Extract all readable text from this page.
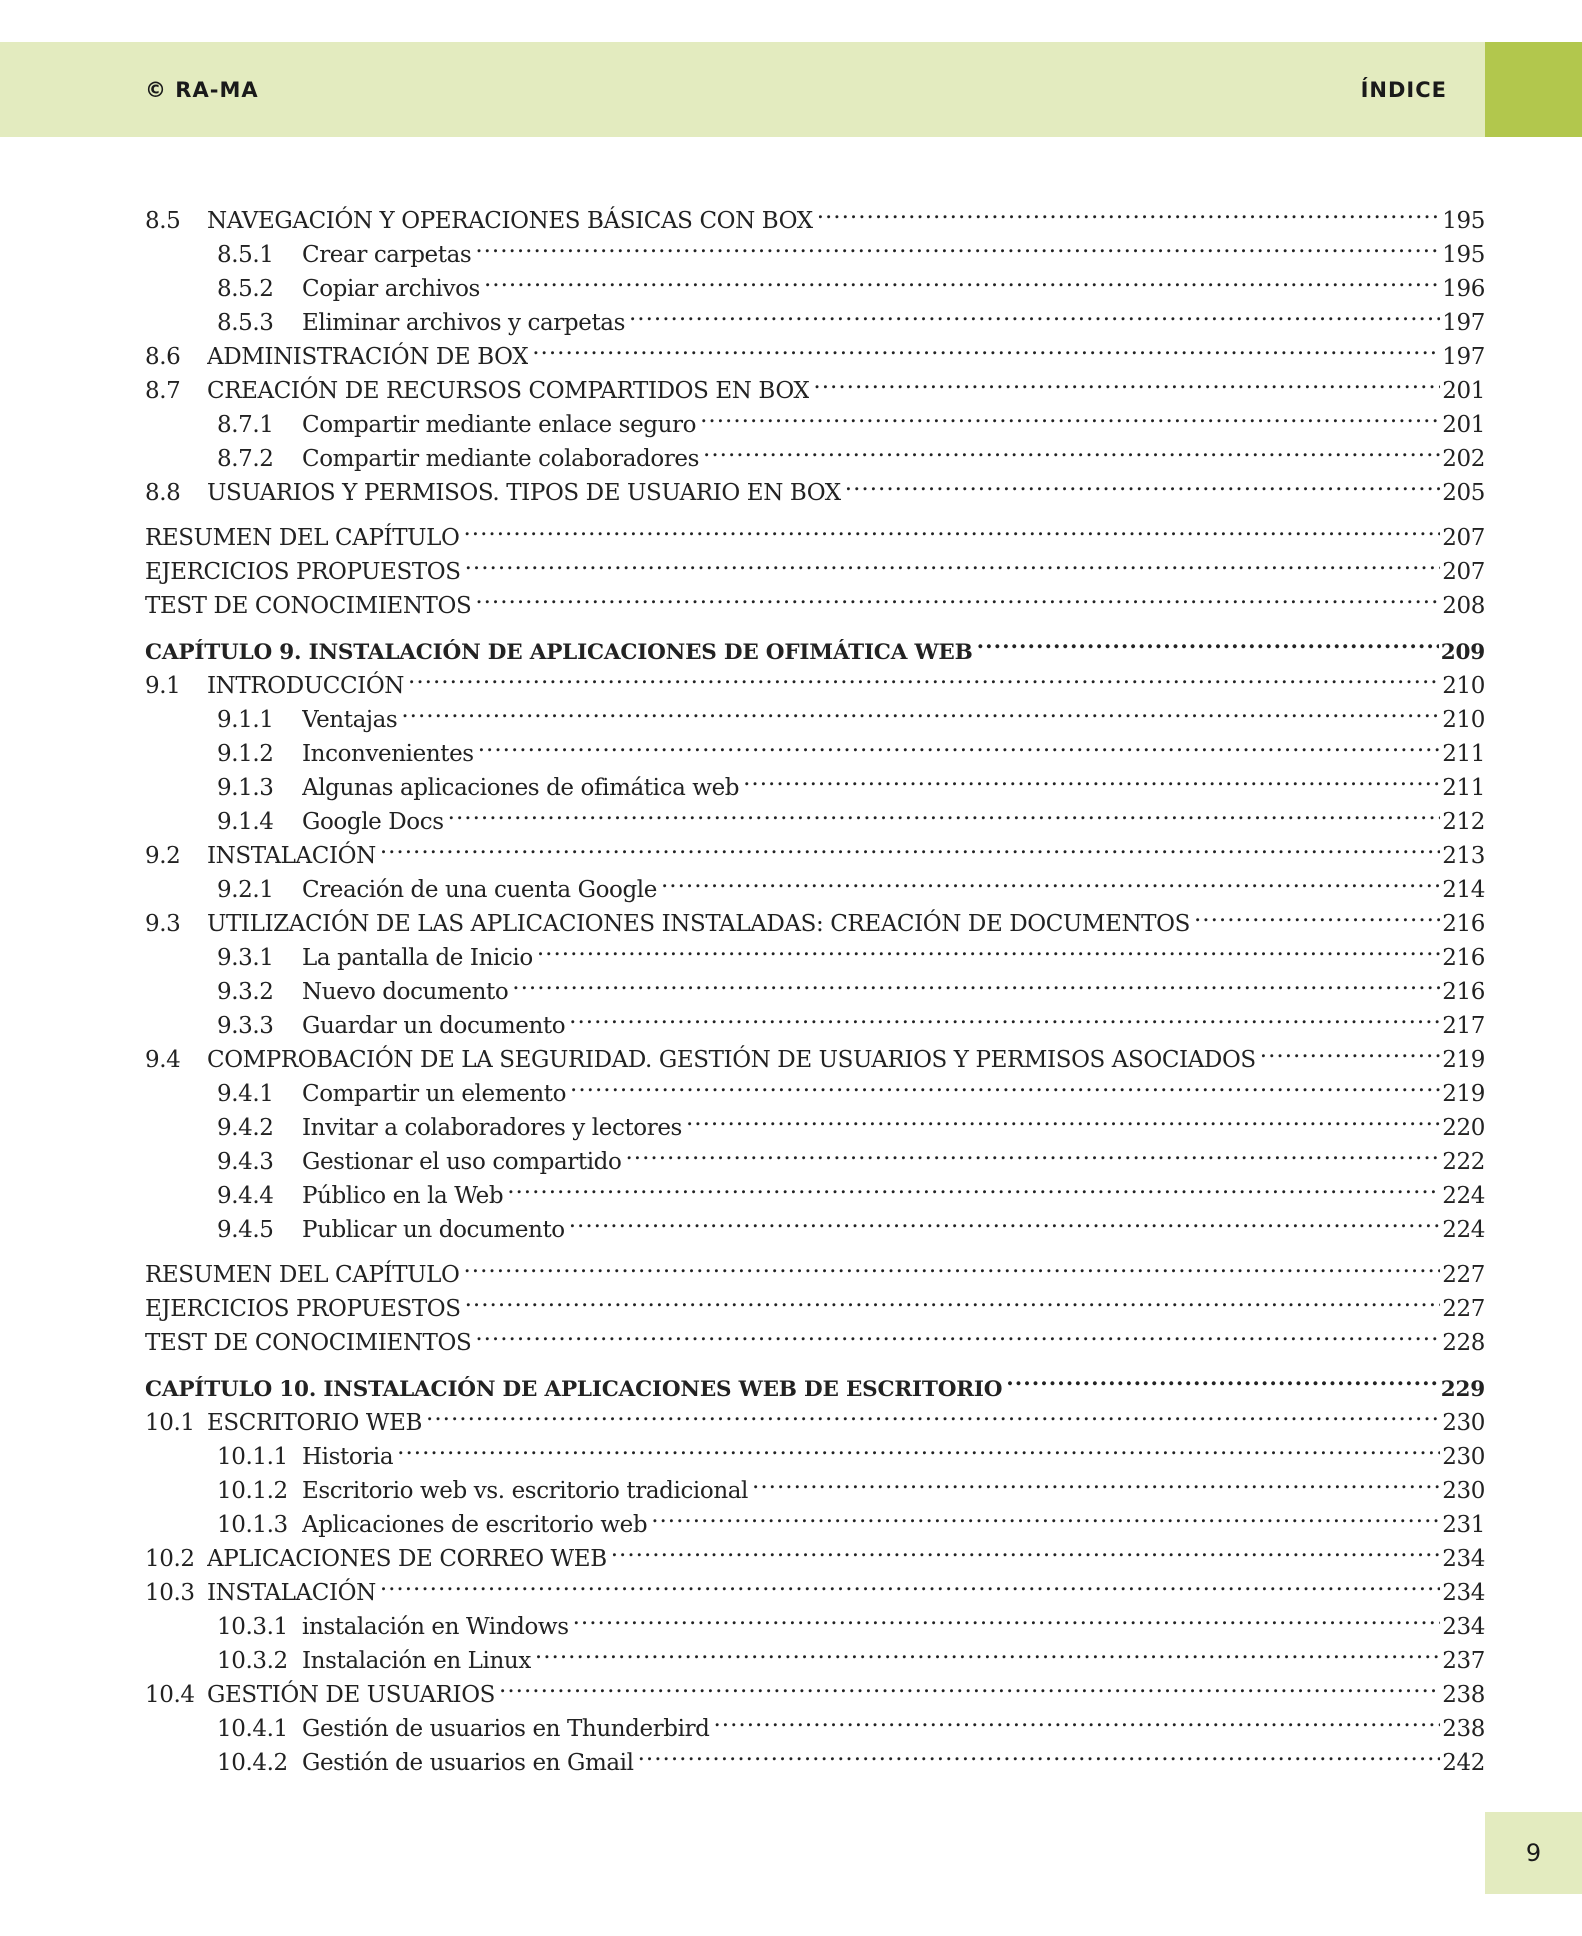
© RA-MA	ÍNDICE
8.5	NAVEGACIÓN Y OPERACIONES BÁSICAS CON BOX .....	195
8.5.1	Crear carpetas .....	195
8.5.2	Copiar archivos .....	196
8.5.3	Eliminar archivos y carpetas .....	197
8.6	ADMINISTRACIÓN DE BOX .....	197
8.7	CREACIÓN DE RECURSOS COMPARTIDOS EN BOX .....	201
8.7.1	Compartir mediante enlace seguro .....	201
8.7.2	Compartir mediante colaboradores .....	202
8.8	USUARIOS Y PERMISOS. TIPOS DE USUARIO EN BOX .....	205
RESUMEN DEL CAPÍTULO .....	207
EJERCICIOS PROPUESTOS .....	207
TEST DE CONOCIMIENTOS .....	208
CAPÍTULO 9. INSTALACIÓN DE APLICACIONES DE OFIMÁTICA WEB .....	209
9.1	INTRODUCCIÓN .....	210
9.1.1	Ventajas .....	210
9.1.2	Inconvenientes .....	211
9.1.3	Algunas aplicaciones de ofimática web .....	211
9.1.4	Google Docs .....	212
9.2	INSTALACIÓN .....	213
9.2.1	Creación de una cuenta Google .....	214
9.3	UTILIZACIÓN DE LAS APLICACIONES INSTALADAS: CREACIÓN DE DOCUMENTOS .....	216
9.3.1	La pantalla de Inicio .....	216
9.3.2	Nuevo documento .....	216
9.3.3	Guardar un documento .....	217
9.4	COMPROBACIÓN DE LA SEGURIDAD. GESTIÓN DE USUARIOS Y PERMISOS ASOCIADOS .....	219
9.4.1	Compartir un elemento .....	219
9.4.2	Invitar a colaboradores y lectores .....	220
9.4.3	Gestionar el uso compartido .....	222
9.4.4	Público en la Web .....	224
9.4.5	Publicar un documento .....	224
RESUMEN DEL CAPÍTULO .....	227
EJERCICIOS PROPUESTOS .....	227
TEST DE CONOCIMIENTOS .....	228
CAPÍTULO 10. INSTALACIÓN DE APLICACIONES WEB DE ESCRITORIO .....	229
10.1 ESCRITORIO WEB .....	230
10.1.1 Historia .....	230
10.1.2 Escritorio web vs. escritorio tradicional .....	230
10.1.3 Aplicaciones de escritorio web .....	231
10.2 APLICACIONES DE CORREO WEB .....	234
10.3 INSTALACIÓN .....	234
10.3.1 instalación en Windows .....	234
10.3.2 Instalación en Linux .....	237
10.4 GESTIÓN DE USUARIOS .....	238
10.4.1 Gestión de usuarios en Thunderbird .....	238
10.4.2 Gestión de usuarios en Gmail .....	242
9
